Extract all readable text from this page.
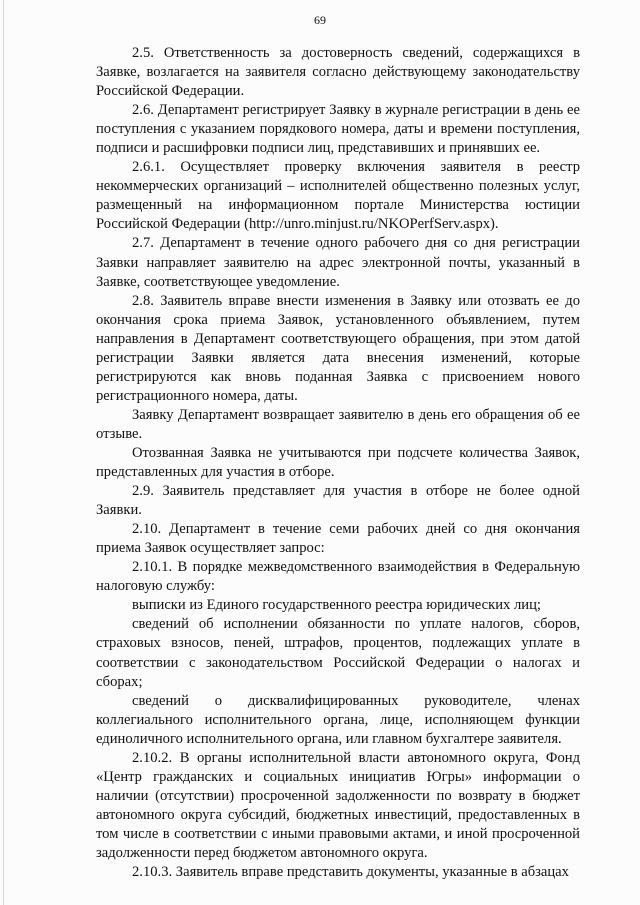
69

2.5. Ответственность за достоверность сведений, содержащихся в Заявке, возлагается на заявителя согласно действующему законодательству Российской Федерации.

2.6. Департамент регистрирует Заявку в журнале регистрации в день ее поступления с указанием порядкового номера, даты и времени поступления, подписи и расшифровки подписи лиц, представивших и принявших ее.

2.6.1. Осуществляет проверку включения заявителя в реестр некоммерческих организаций – исполнителей общественно полезных услуг, размещенный на информационном портале Министерства юстиции Российской Федерации (http://unro.minjust.ru/NKOPerfServ.aspx).

2.7. Департамент в течение одного рабочего дня со дня регистрации Заявки направляет заявителю на адрес электронной почты, указанный в Заявке, соответствующее уведомление.

2.8. Заявитель вправе внести изменения в Заявку или отозвать ее до окончания срока приема Заявок, установленного объявлением, путем направления в Департамент соответствующего обращения, при этом датой регистрации Заявки является дата внесения изменений, которые регистрируются как вновь поданная Заявка с присвоением нового регистрационного номера, даты.

Заявку Департамент возвращает заявителю в день его обращения об ее отзыве.

Отозванная Заявка не учитываются при подсчете количества Заявок, представленных для участия в отборе.

2.9. Заявитель представляет для участия в отборе не более одной Заявки.

2.10. Департамент в течение семи рабочих дней со дня окончания приема Заявок осуществляет запрос:

2.10.1. В порядке межведомственного взаимодействия в Федеральную налоговую службу:

выписки из Единого государственного реестра юридических лиц;

сведений об исполнении обязанности по уплате налогов, сборов, страховых взносов, пеней, штрафов, процентов, подлежащих уплате в соответствии с законодательством Российской Федерации о налогах и сборах;

сведений о дисквалифицированных руководителе, членах коллегиального исполнительного органа, лице, исполняющем функции единоличного исполнительного органа, или главном бухгалтере заявителя.

2.10.2. В органы исполнительной власти автономного округа, Фонд «Центр гражданских и социальных инициатив Югры» информации о наличии (отсутствии) просроченной задолженности по возврату в бюджет автономного округа субсидий, бюджетных инвестиций, предоставленных в том числе в соответствии с иными правовыми актами, и иной просроченной задолженности перед бюджетом автономного округа.

2.10.3. Заявитель вправе представить документы, указанные в абзацах
